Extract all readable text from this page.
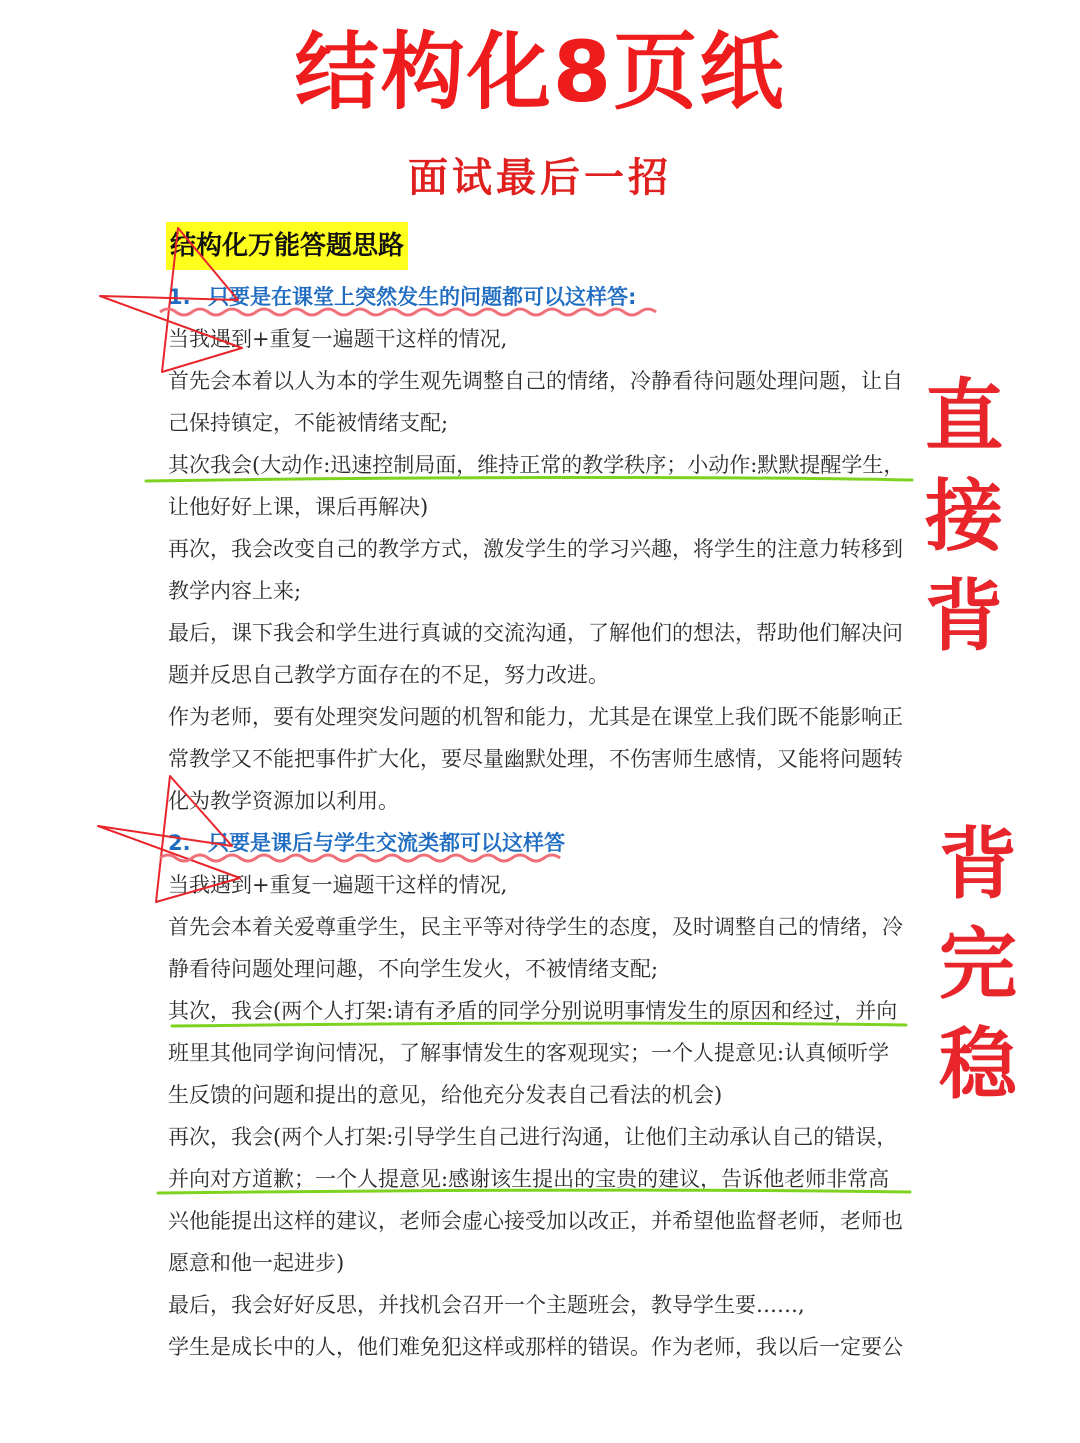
结构化8页纸
面试最后一招
结构化万能答题思路
1. 只要是在课堂上突然发生的问题都可以这样答:
当我遇到+重复一遍题干这样的情况,
首先会本着以人为本的学生观先调整自己的情绪，冷静看待问题处理问题，让自
己保持镇定，不能被情绪支配;
其次我会(大动作:迅速控制局面，维持正常的教学秩序；小动作:默默提醒学生，
让他好好上课，课后再解决)
再次，我会改变自己的教学方式，激发学生的学习兴趣，将学生的注意力转移到
教学内容上来;
最后，课下我会和学生进行真诚的交流沟通，了解他们的想法，帮助他们解决问
题并反思自己教学方面存在的不足，努力改进。
作为老师，要有处理突发问题的机智和能力，尤其是在课堂上我们既不能影响正
常教学又不能把事件扩大化，要尽量幽默处理，不伤害师生感情，又能将问题转
化为教学资源加以利用。
2. 只要是课后与学生交流类都可以这样答
当我遇到+重复一遍题干这样的情况,
首先会本着关爱尊重学生，民主平等对待学生的态度，及时调整自己的情绪，冷
静看待问题处理问趣，不向学生发火，不被情绪支配;
其次，我会(两个人打架:请有矛盾的同学分别说明事情发生的原因和经过，并向
班里其他同学询问情况，了解事情发生的客观现实；一个人提意见:认真倾听学
生反馈的问题和提出的意见，给他充分发表自己看法的机会)
再次，我会(两个人打架:引导学生自己进行沟通，让他们主动承认自己的错误，
并向对方道歉；一个人提意见:感谢该生提出的宝贵的建议，告诉他老师非常高
兴他能提出这样的建议，老师会虚心接受加以改正，并希望他监督老师，老师也
愿意和他一起进步)
最后，我会好好反思，并找机会召开一个主题班会，教导学生要……,
学生是成长中的人，他们难免犯这样或那样的错误。作为老师，我以后一定要公
直
接
背
背
完
稳
